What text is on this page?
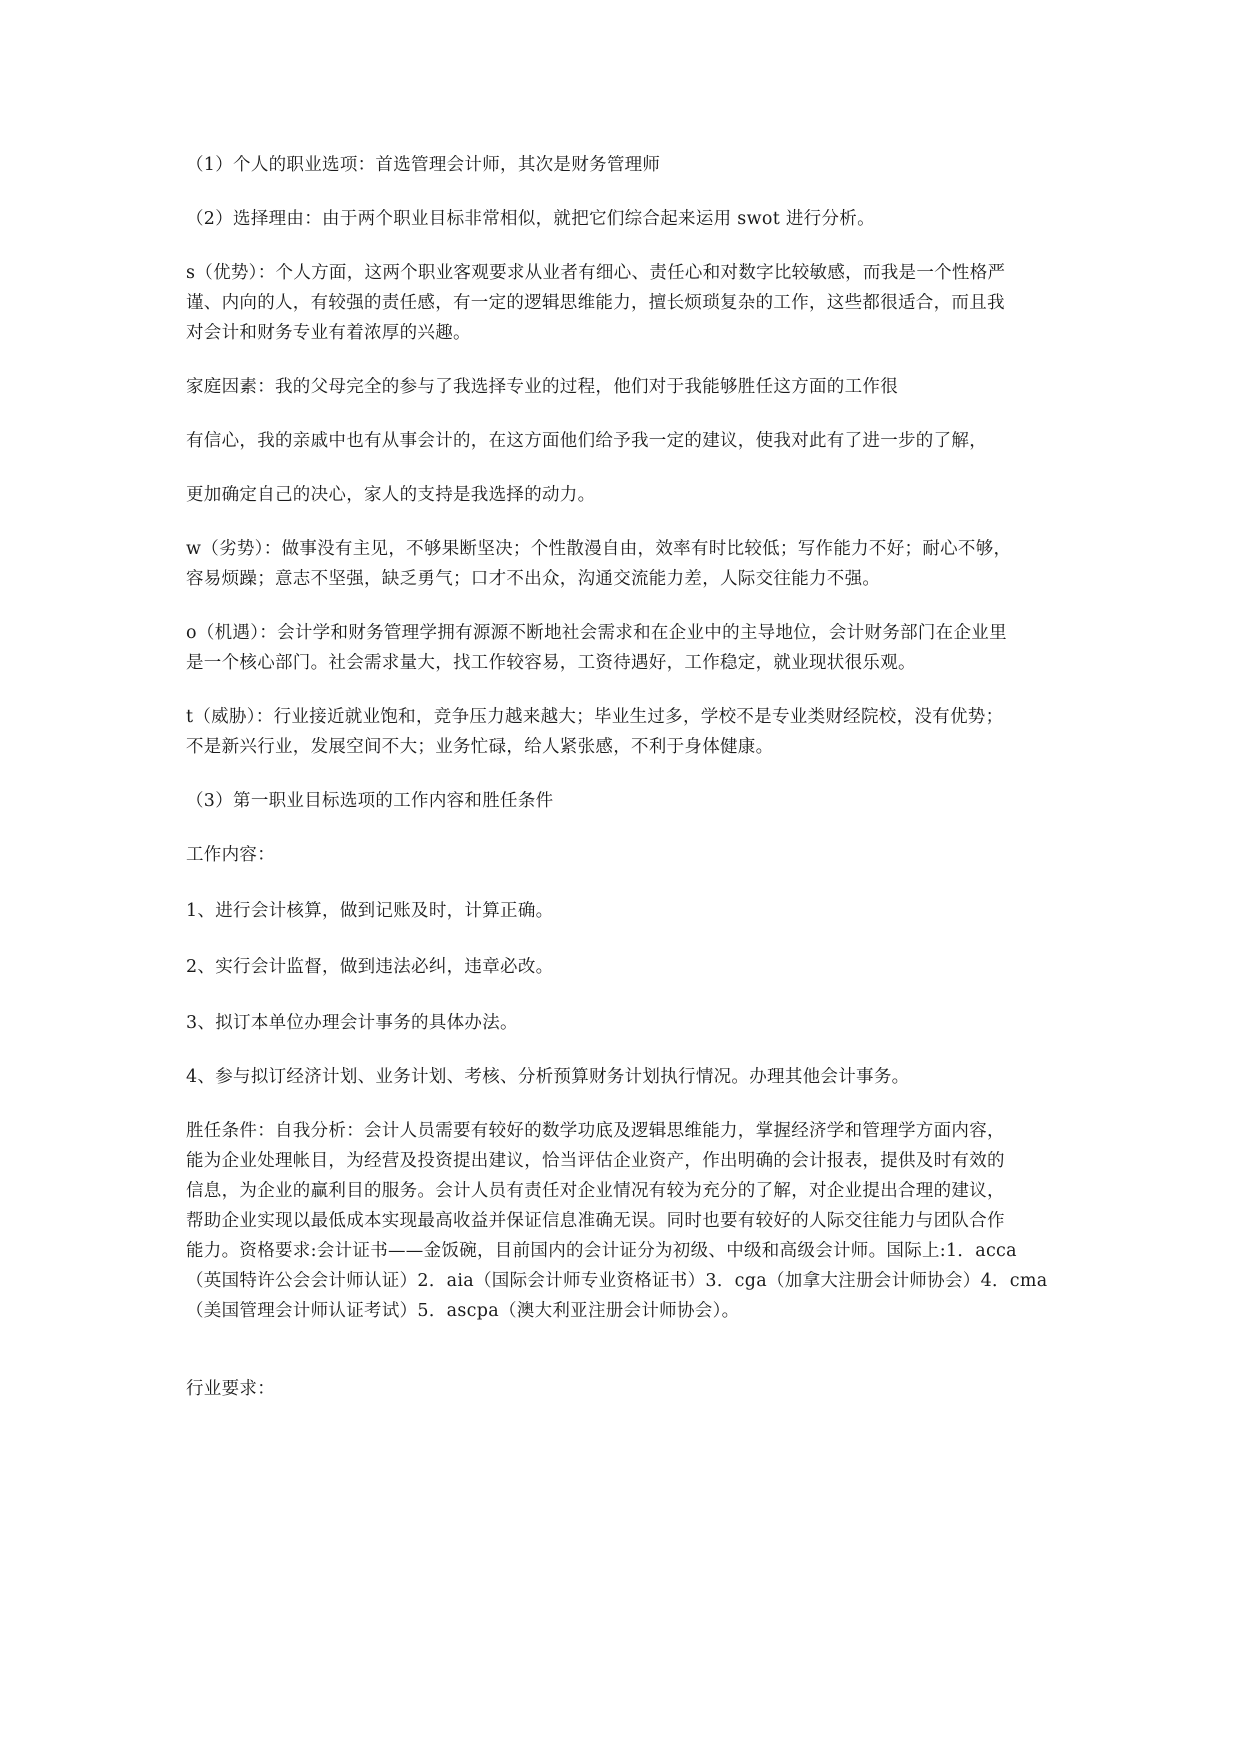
（1）个人的职业选项：首选管理会计师，其次是财务管理师

（2）选择理由：由于两个职业目标非常相似，就把它们综合起来运用 swot 进行分析。

s（优势）：个人方面，这两个职业客观要求从业者有细心、责任心和对数字比较敏感，而我是一个性格严
谨、内向的人，有较强的责任感，有一定的逻辑思维能力，擅长烦琐复杂的工作，这些都很适合，而且我
对会计和财务专业有着浓厚的兴趣。

家庭因素：我的父母完全的参与了我选择专业的过程，他们对于我能够胜任这方面的工作很

有信心，我的亲戚中也有从事会计的，在这方面他们给予我一定的建议，使我对此有了进一步的了解，

更加确定自己的决心，家人的支持是我选择的动力。

w（劣势）：做事没有主见，不够果断坚决；个性散漫自由，效率有时比较低；写作能力不好；耐心不够，
容易烦躁；意志不坚强，缺乏勇气；口才不出众，沟通交流能力差，人际交往能力不强。

o（机遇）：会计学和财务管理学拥有源源不断地社会需求和在企业中的主导地位，会计财务部门在企业里
是一个核心部门。社会需求量大，找工作较容易，工资待遇好，工作稳定，就业现状很乐观。

t（威胁）：行业接近就业饱和，竞争压力越来越大；毕业生过多，学校不是专业类财经院校，没有优势；
不是新兴行业，发展空间不大；业务忙碌，给人紧张感，不利于身体健康。

（3）第一职业目标选项的工作内容和胜任条件

工作内容：

1、进行会计核算，做到记账及时，计算正确。

2、实行会计监督，做到违法必纠，违章必改。

3、拟订本单位办理会计事务的具体办法。

4、参与拟订经济计划、业务计划、考核、分析预算财务计划执行情况。办理其他会计事务。

胜任条件：自我分析：会计人员需要有较好的数学功底及逻辑思维能力，掌握经济学和管理学方面内容，
能为企业处理帐目，为经营及投资提出建议，恰当评估企业资产，作出明确的会计报表，提供及时有效的
信息，为企业的赢利目的服务。会计人员有责任对企业情况有较为充分的了解，对企业提出合理的建议，
帮助企业实现以最低成本实现最高收益并保证信息准确无误。同时也要有较好的人际交往能力与团队合作
能力。资格要求:会计证书——金饭碗，目前国内的会计证分为初级、中级和高级会计师。国际上:1．acca
（英国特许公会会计师认证）2．aia（国际会计师专业资格证书）3．cga（加拿大注册会计师协会）4．cma
（美国管理会计师认证考试）5．ascpa（澳大利亚注册会计师协会）。

行业要求：
